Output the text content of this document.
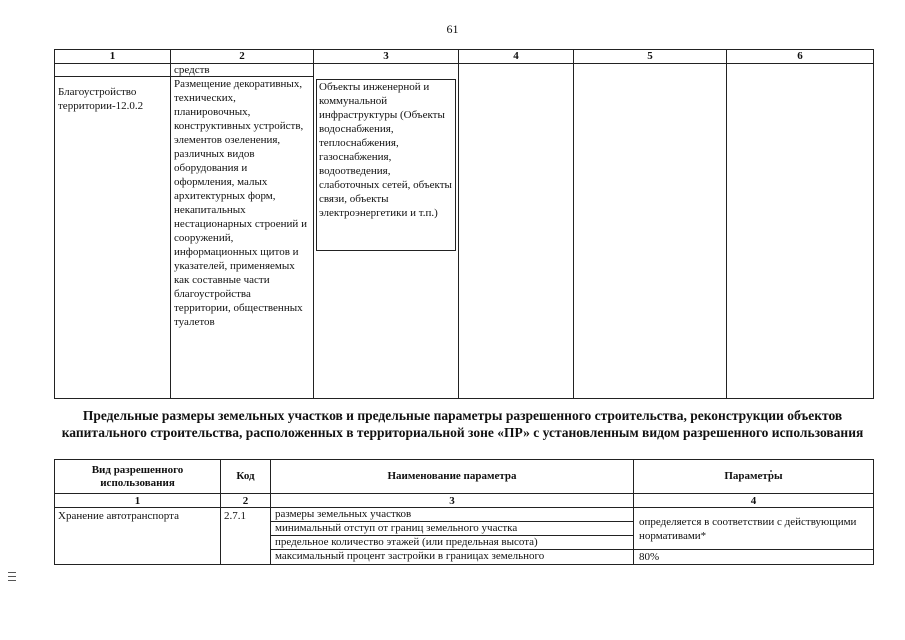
61
1	2	3	4	5	6
	средств				
Благоустройство территории-12.0.2	Размещение декоративных, технических, планировочных, конструктивных устройств, элементов озеленения, различных видов оборудования и оформления, малых архитектурных форм, некапитальных нестационарных строений и сооружений, информационных щитов и указателей, применяемых как составные части благоустройства территории, общественных туалетов	Объекты инженерной и коммунальной инфраструктуры (Объекты водоснабжения, теплоснабжения, газоснабжения, водоотведения, слаботочных сетей, объекты связи, объекты электроэнергетики и т.п.)			
Предельные размеры земельных участков и предельные параметры разрешенного строительства, реконструкции объектов капитального строительства, расположенных в территориальной зоне «ПР» с установленным видом разрешенного использования
Вид разрешенного использования	Код	Наименование параметра	Параметры
1	2	3	4
Хранение автотранспорта	2.7.1	размеры земельных участков	определяется в соответствии с действующими нормативами*
		минимальный отступ от границ земельного участка	
		предельное количество этажей (или предельная высота)	
		максимальный процент застройки в границах земельного	80%
